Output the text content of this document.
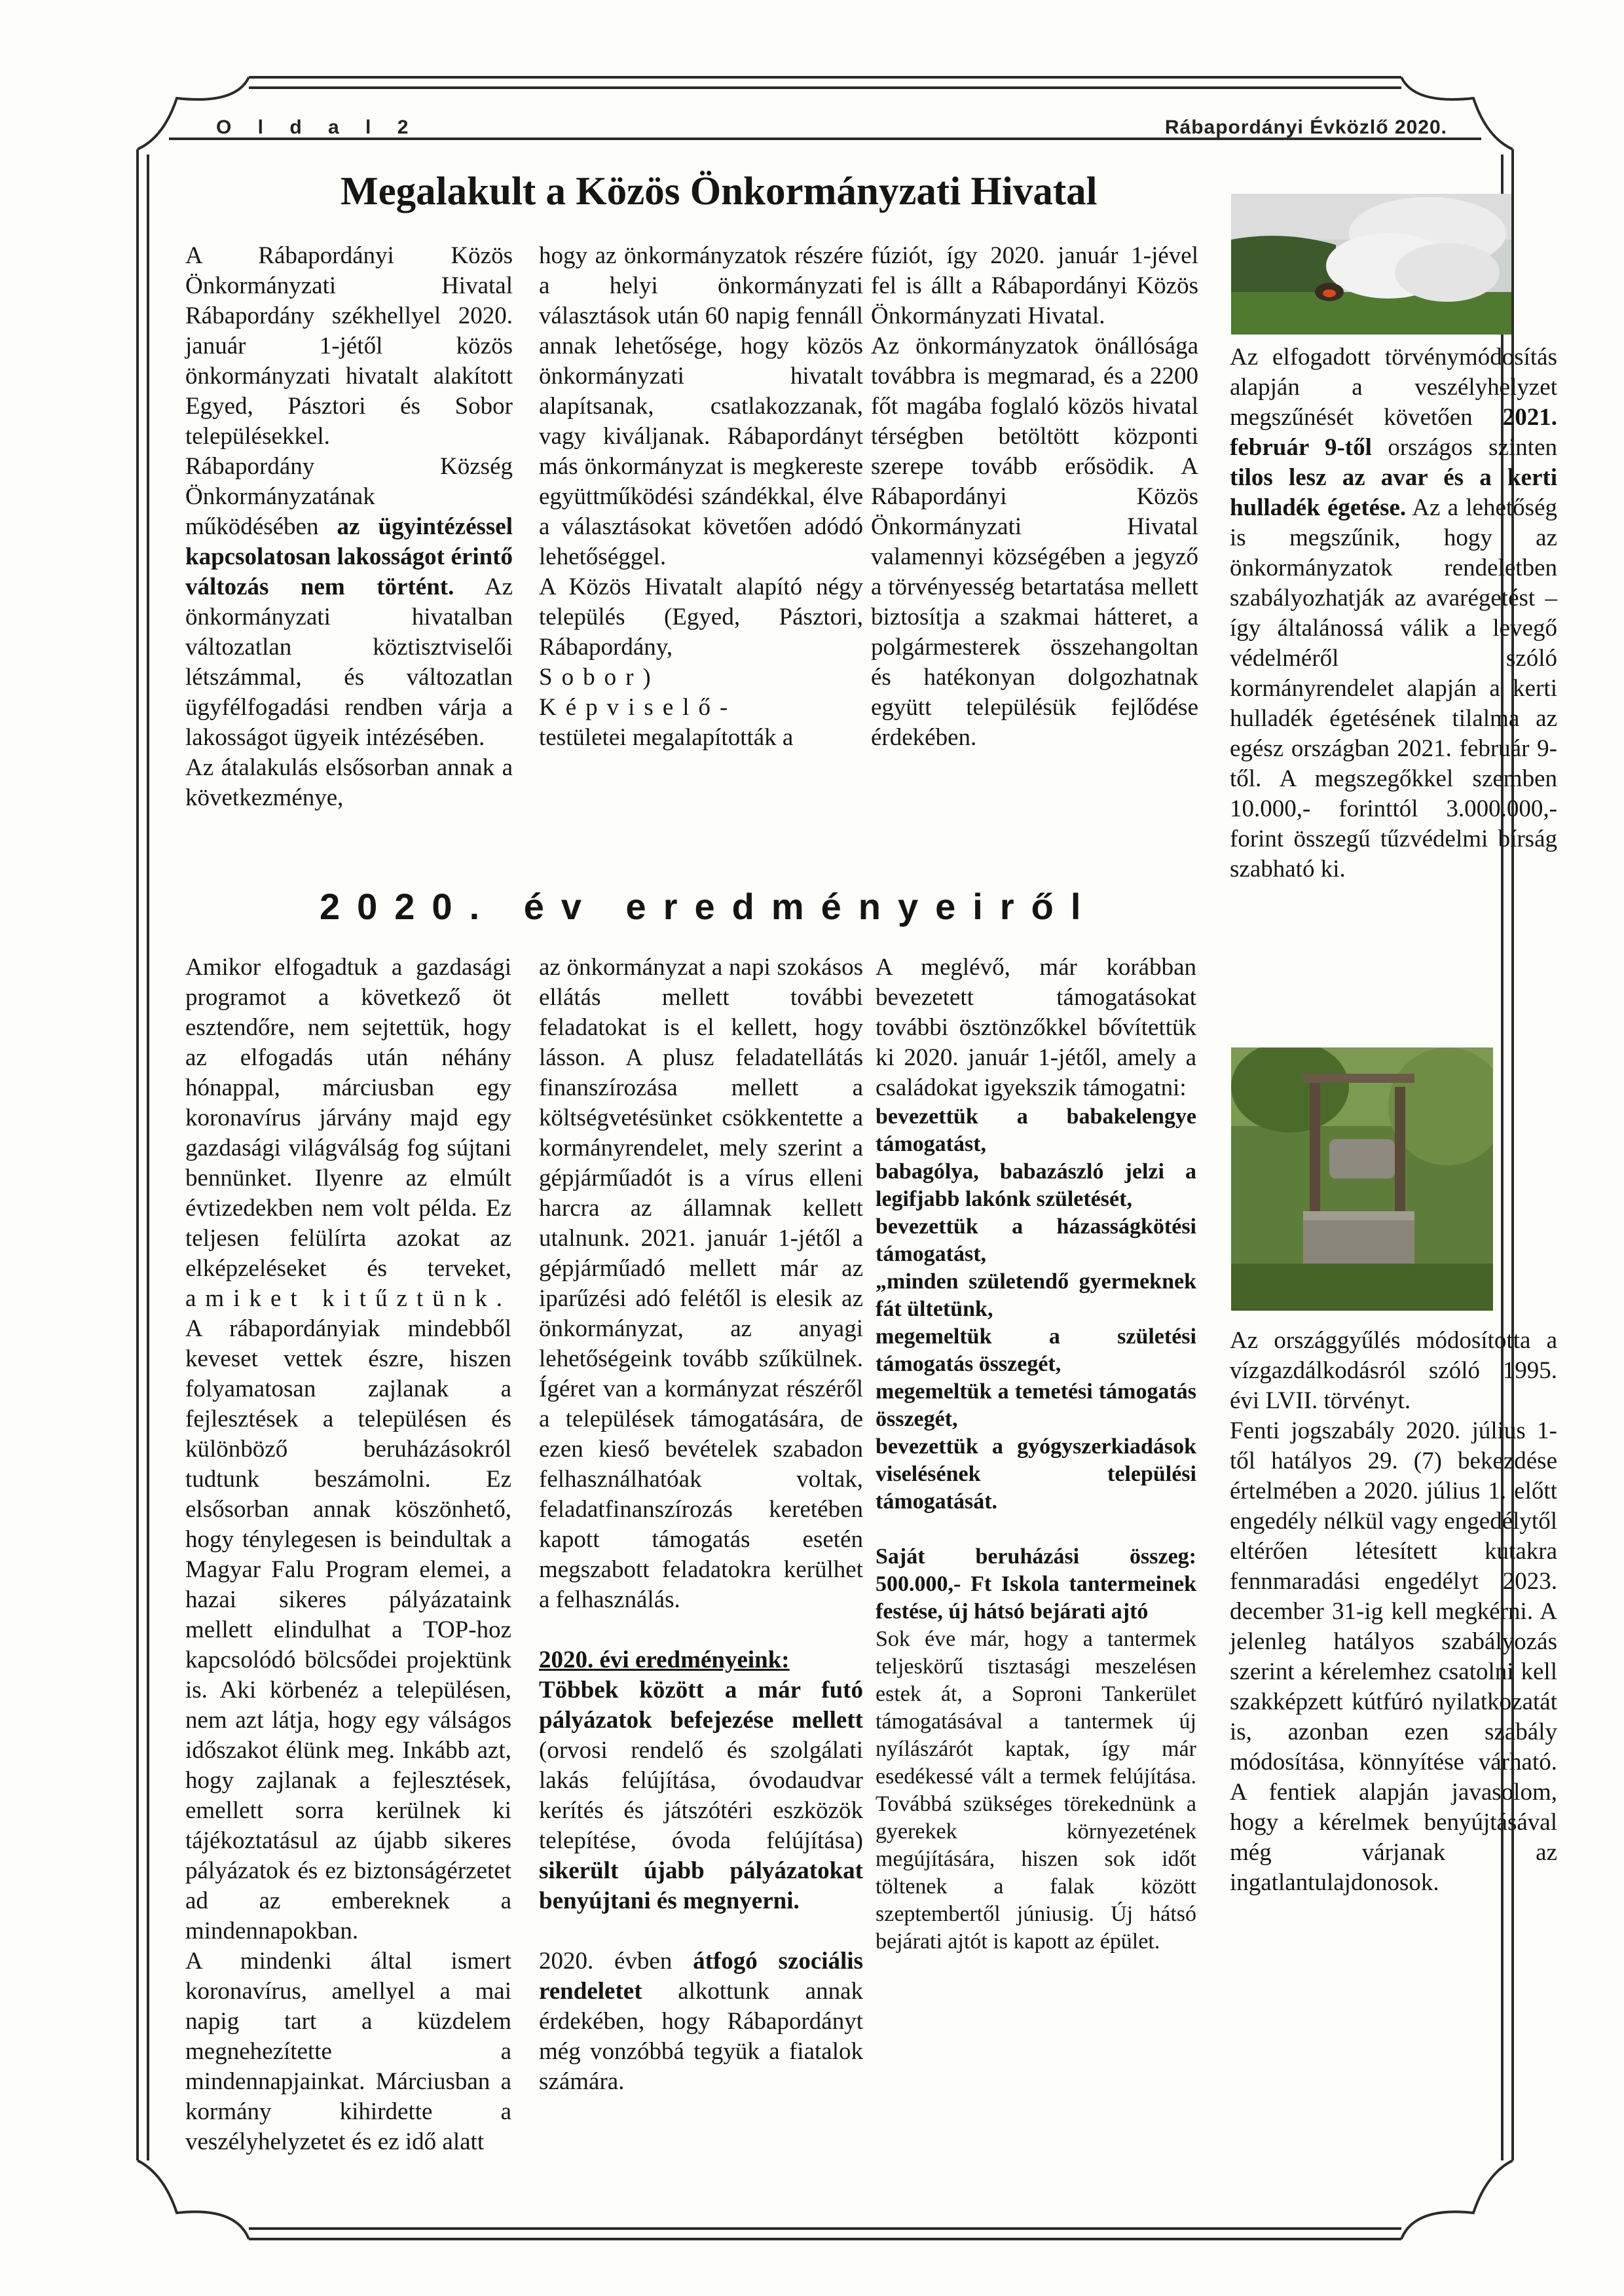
O l d a l 2	Rábapordányi Évközlő 2020.
Megalakult a Közös Önkormányzati Hivatal

A Rábapordányi Közös Önkormányzati Hivatal Rábapordány székhellyel 2020. január 1-jétől közös önkormányzati hivatalt alakított Egyed, Pásztori és Sobor településekkel.

Rábapordány Község Önkormányzatának működésében az ügyintézéssel kapcsolatosan lakosságot érintő változás nem történt. Az önkormányzati hivatalban változatlan köztisztviselői létszámmal, és változatlan ügyfélfogadási rendben várja a lakosságot ügyeik intézésében.

Az átalakulás elsősorban annak a következménye,

hogy az önkormányzatok részére a helyi önkormányzati választások után 60 napig fennáll annak lehetősége, hogy közös önkormányzati hivatalt alapítsanak, csatlakozzanak, vagy kiváljanak. Rábapordányt más önkormányzat is megkereste együttműködési szándékkal, élve a választásokat követően adódó lehetőséggel.

A Közös Hivatalt alapító négy település (Egyed, Pásztori, Rábapordány,

Sobor) Képviselő-

testületei megalapították a

fúziót, így 2020. január 1-jével fel is állt a Rábapordányi Közös Önkormányzati Hivatal.

Az önkormányzatok önállósága továbbra is megmarad, és a 2200 főt magába foglaló közös hivatal térségben betöltött központi szerepe tovább erősödik. A Rábapordányi Közös Önkormányzati Hivatal valamennyi községében a jegyző a törvényesség betartatása mellett biztosítja a szakmai hátteret, a polgármesterek összehangoltan és hatékonyan dolgozhatnak együtt településük fejlődése érdekében.

Az elfogadott törvénymódosítás alapján a veszélyhelyzet megszűnését követően 2021. február 9-től országos szinten tilos lesz az avar és a kerti hulladék égetése. Az a lehetőség is megszűnik, hogy az önkormányzatok rendeletben szabályozhatják az avarégetést – így általánossá válik a levegő védelméről szóló kormányrendelet alapján a kerti hulladék égetésének tilalma az egész országban 2021. február 9-től. A megszegőkkel szemben 10.000,- forinttól 3.000.000,- forint összegű tűzvédelmi bírság szabható ki.

2020. év eredményeiről

Amikor elfogadtuk a gazdasági programot a következő öt esztendőre, nem sejtettük, hogy az elfogadás után néhány hónappal, márciusban egy koronavírus járvány majd egy gazdasági világválság fog sújtani bennünket. Ilyenre az elmúlt évtizedekben nem volt példa. Ez teljesen felülírta azokat az elképzeléseket és terveket, amiket kitűztünk. A rábapordányiak mindebből keveset vettek észre, hiszen folyamatosan zajlanak a fejlesztések a településen és különböző beruházásokról tudtunk beszámolni. Ez elsősorban annak köszönhető, hogy ténylegesen is beindultak a Magyar Falu Program elemei, a hazai sikeres pályázataink mellett elindulhat a TOP-hoz kapcsolódó bölcsődei projektünk is. Aki körbenéz a településen, nem azt látja, hogy egy válságos időszakot élünk meg. Inkább azt, hogy zajlanak a fejlesztések, emellett sorra kerülnek ki tájékoztatásul az újabb sikeres pályázatok és ez biztonságérzetet ad az embereknek a mindennapokban.

A mindenki által ismert koronavírus, amellyel a mai napig tart a küzdelem megnehezítette a mindennapjainkat. Márciusban a kormány kihirdette a veszélyhelyzetet és ez idő alatt

az önkormányzat a napi szokásos ellátás mellett további feladatokat is el kellett, hogy lásson. A plusz feladatellátás finanszírozása mellett a költségvetésünket csökkentette a kormányrendelet, mely szerint a gépjárműadót is a vírus elleni harcra az államnak kellett utalnunk. 2021. január 1-jétől a gépjárműadó mellett már az iparűzési adó felétől is elesik az önkormányzat, az anyagi lehetőségeink tovább szűkülnek. Ígéret van a kormányzat részéről a települések támogatására, de ezen kieső bevételek szabadon felhasználhatóak voltak, feladatfinanszírozás keretében kapott támogatás esetén megszabott feladatokra kerülhet a felhasználás.

2020. évi eredményeink:

Többek között a már futó pályázatok befejezése mellett (orvosi rendelő és szolgálati lakás felújítása, óvodaudvar kerítés és játszótéri eszközök telepítése, óvoda felújítása) sikerült újabb pályázatokat benyújtani és megnyerni.

2020. évben átfogó szociális rendeletet alkottunk annak érdekében, hogy Rábapordányt még vonzóbbá tegyük a fiatalok számára.

A meglévő, már korábban bevezetett támogatásokat további ösztönzőkkel bővítettük ki 2020. január 1-jétől, amely a családokat igyekszik támogatni:

bevezettük a babakelengye támogatást,

babagólya, babazászló jelzi a legifjabb lakónk születését,

bevezettük a házasságkötési támogatást,

„minden születendő gyermeknek fát ültetünk,

megemeltük a születési támogatás összegét,

megemeltük a temetési támogatás összegét,

bevezettük a gyógyszerkiadások viselésének települési támogatását.

Saját beruházási összeg: 500.000,- Ft Iskola tantermeinek festése, új hátsó bejárati ajtó

Sok éve már, hogy a tantermek teljeskörű tisztasági meszelésen estek át, a Soproni Tankerület támogatásával a tantermek új nyílászárót kaptak, így már esedékessé vált a termek felújítása. Továbbá szükséges törekednünk a gyerekek környezetének megújítására, hiszen sok időt töltenek a falak között szeptembertől júniusig. Új hátsó bejárati ajtót is kapott az épület.

Az országgyűlés módosította a vízgazdálkodásról szóló 1995. évi LVII. törvényt.

Fenti jogszabály 2020. július 1-től hatályos 29. (7) bekezdése értelmében a 2020. július 1. előtt engedély nélkül vagy engedélytől eltérően létesített kutakra fennmaradási engedélyt 2023. december 31-ig kell megkérni. A jelenleg hatályos szabályozás szerint a kérelemhez csatolni kell szakképzett kútfúró nyilatkozatát is, azonban ezen szabály módosítása, könnyítése várható. A fentiek alapján javasolom, hogy a kérelmek benyújtásával még várjanak az ingatlantulajdonosok.
